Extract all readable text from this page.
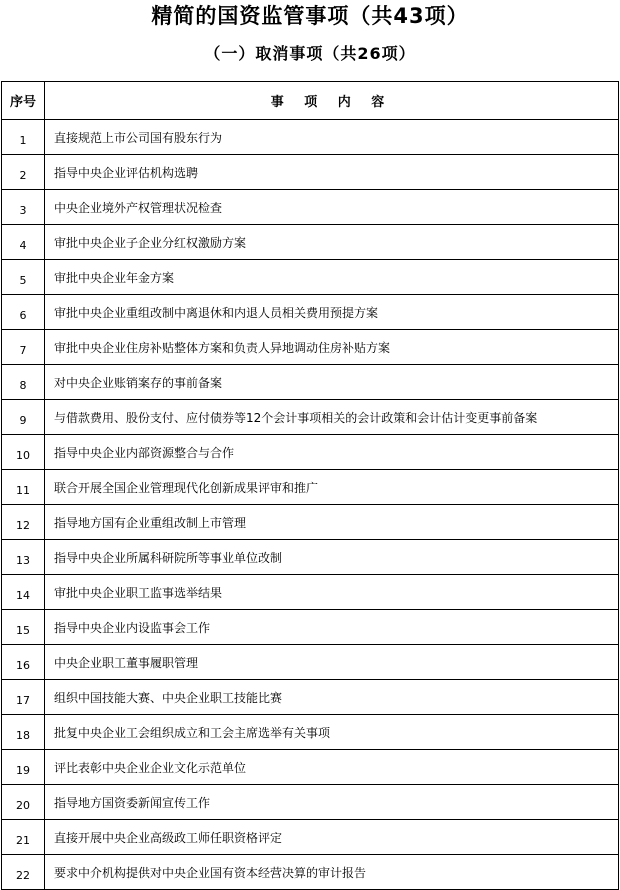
精简的国资监管事项（共43项）
（一）取消事项（共26项）
序号	事 项 内 容
1	直接规范上市公司国有股东行为
2	指导中央企业评估机构选聘
3	中央企业境外产权管理状况检查
4	审批中央企业子企业分红权激励方案
5	审批中央企业年金方案
6	审批中央企业重组改制中离退休和内退人员相关费用预提方案
7	审批中央企业住房补贴整体方案和负责人异地调动住房补贴方案
8	对中央企业账销案存的事前备案
9	与借款费用、股份支付、应付债券等12个会计事项相关的会计政策和会计估计变更事前备案
10	指导中央企业内部资源整合与合作
11	联合开展全国企业管理现代化创新成果评审和推广
12	指导地方国有企业重组改制上市管理
13	指导中央企业所属科研院所等事业单位改制
14	审批中央企业职工监事选举结果
15	指导中央企业内设监事会工作
16	中央企业职工董事履职管理
17	组织中国技能大赛、中央企业职工技能比赛
18	批复中央企业工会组织成立和工会主席选举有关事项
19	评比表彰中央企业企业文化示范单位
20	指导地方国资委新闻宣传工作
21	直接开展中央企业高级政工师任职资格评定
22	要求中介机构提供对中央企业国有资本经营决算的审计报告
